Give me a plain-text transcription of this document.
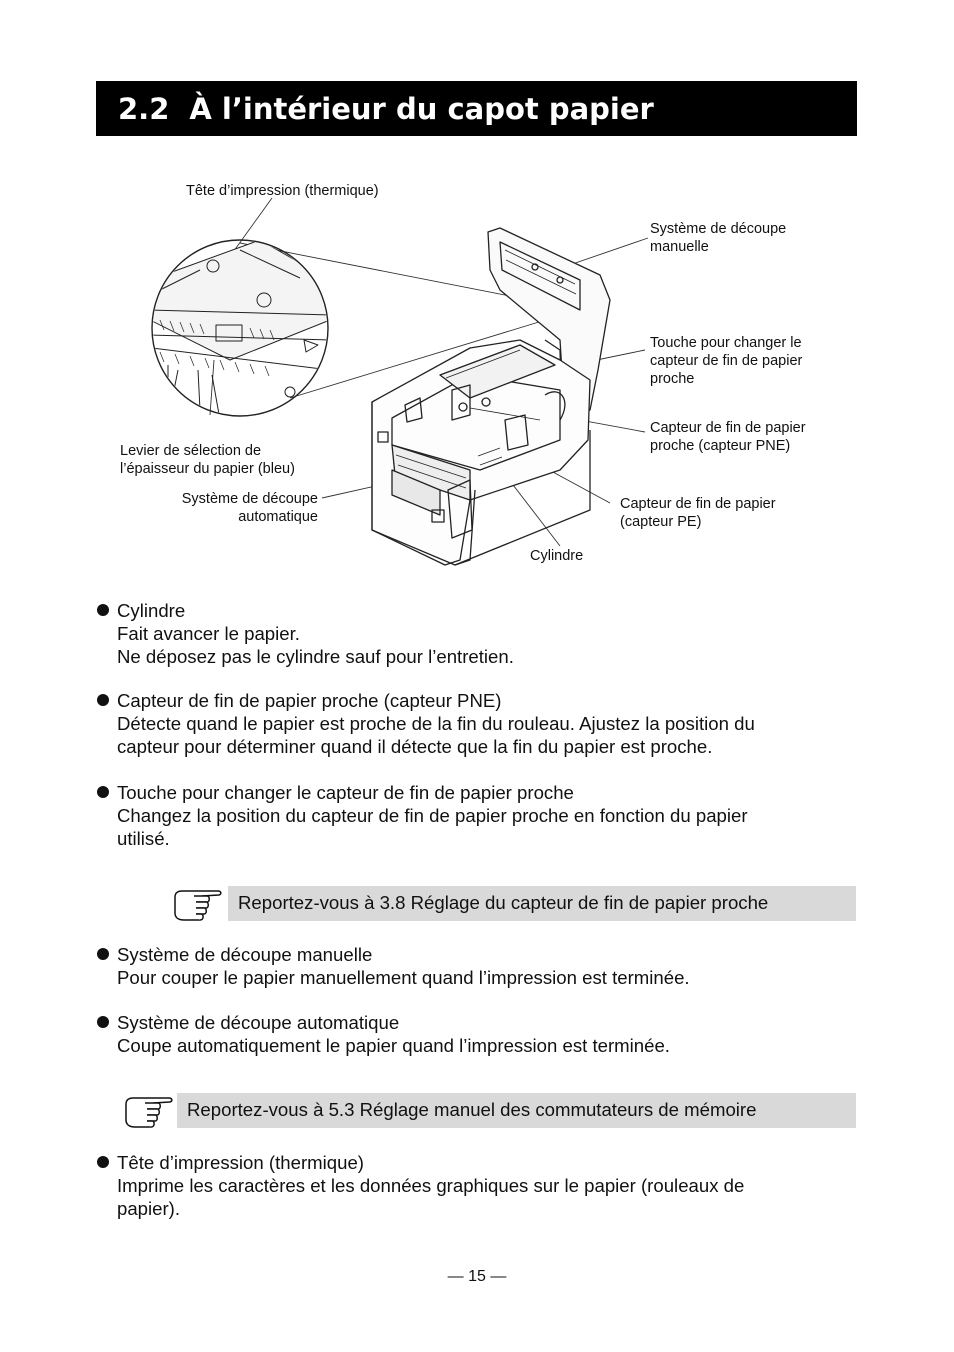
2.2 À l’intérieur du capot papier
Tête d’impression (thermique)
Système de découpe
manuelle
Touche pour changer le
capteur de fin de papier
proche
Capteur de fin de papier
proche (capteur PNE)
Levier de sélection de
l’épaisseur du papier (bleu)
Système de découpe
automatique
Capteur de fin de papier
(capteur PE)
Cylindre
Cylindre
Fait avancer le papier.
Ne déposez pas le cylindre sauf pour l’entretien.
Capteur de fin de papier proche (capteur PNE)
Détecte quand le papier est proche de la fin du rouleau. Ajustez la position du
capteur pour déterminer quand il détecte que la fin du papier est proche.
Touche pour changer le capteur de fin de papier proche
Changez la position du capteur de fin de papier proche en fonction du papier
utilisé.
Reportez-vous à 3.8 Réglage du capteur de fin de papier proche
Système de découpe manuelle
Pour couper le papier manuellement quand l’impression est terminée.
Système de découpe automatique
Coupe automatiquement le papier quand l’impression est terminée.
Reportez-vous à 5.3 Réglage manuel des commutateurs de mémoire
Tête d’impression (thermique)
Imprime les caractères et les données graphiques sur le papier (rouleaux de
papier).
— 15 —
